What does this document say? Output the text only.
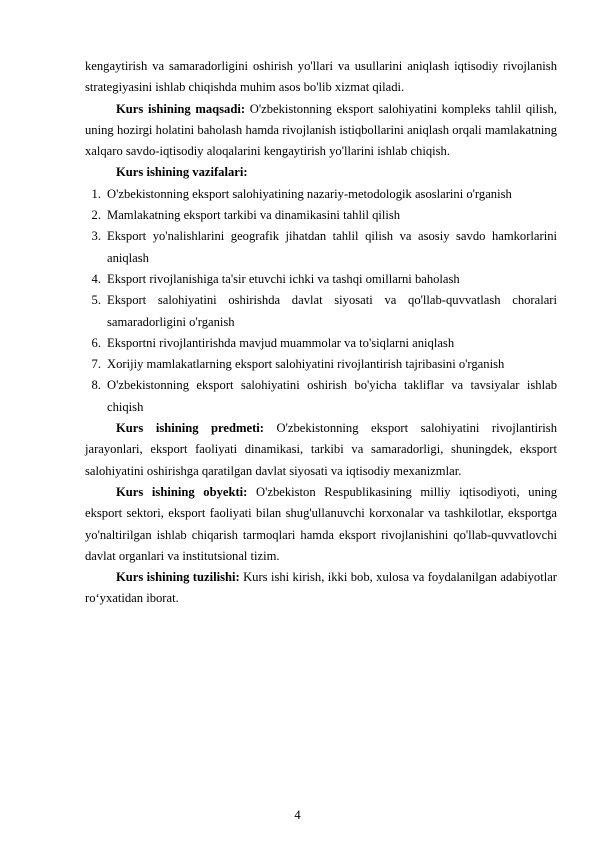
kengaytirish va samaradorligini oshirish yo'llari va usullarini aniqlash iqtisodiy rivojlanish strategiyasini ishlab chiqishda muhim asos bo'lib xizmat qiladi.

Kurs ishining maqsadi: O'zbekistonning eksport salohiyatini kompleks tahlil qilish, uning hozirgi holatini baholash hamda rivojlanish istiqbollarini aniqlash orqali mamlakatning xalqaro savdo-iqtisodiy aloqalarini kengaytirish yo'llarini ishlab chiqish.

Kurs ishining vazifalari:

1. O'zbekistonning eksport salohiyatining nazariy-metodologik asoslarini o'rganish
2. Mamlakatning eksport tarkibi va dinamikasini tahlil qilish
3. Eksport yo'nalishlarini geografik jihatdan tahlil qilish va asosiy savdo hamkorlarini aniqlash
4. Eksport rivojlanishiga ta'sir etuvchi ichki va tashqi omillarni baholash
5. Eksport salohiyatini oshirishda davlat siyosati va qo'llab-quvvatlash choralari samaradorligini o'rganish
6. Eksportni rivojlantirishda mavjud muammolar va to'siqlarni aniqlash
7. Xorijiy mamlakatlarning eksport salohiyatini rivojlantirish tajribasini o'rganish
8. O'zbekistonning eksport salohiyatini oshirish bo'yicha takliflar va tavsiyalar ishlab chiqish

Kurs ishining predmeti: O'zbekistonning eksport salohiyatini rivojlantirish jarayonlari, eksport faoliyati dinamikasi, tarkibi va samaradorligi, shuningdek, eksport salohiyatini oshirishga qaratilgan davlat siyosati va iqtisodiy mexanizmlar.

Kurs ishining obyekti: O'zbekiston Respublikasining milliy iqtisodiyoti, uning eksport sektori, eksport faoliyati bilan shug'ullanuvchi korxonalar va tashkilotlar, eksportga yo'naltirilgan ishlab chiqarish tarmoqlari hamda eksport rivojlanishini qo'llab-quvvatlovchi davlat organlari va institutsional tizim.

Kurs ishining tuzilishi: Kurs ishi kirish, ikki bob, xulosa va foydalanilgan adabiyotlar ro‘yxatidan iborat.

4
